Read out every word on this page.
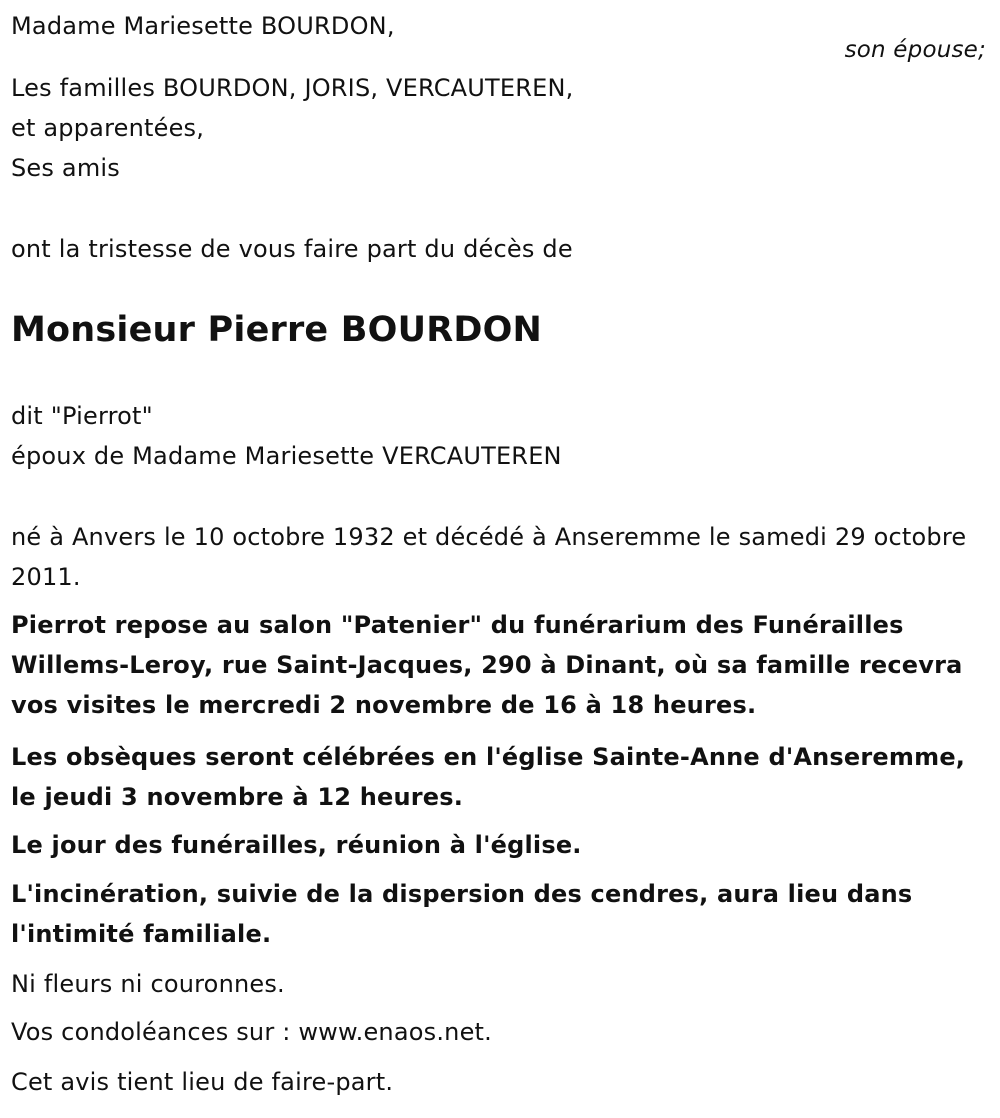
Madame Mariesette BOURDON,
son épouse;
Les familles BOURDON, JORIS, VERCAUTEREN,
et apparentées,
Ses amis
ont la tristesse de vous faire part du décès de
Monsieur Pierre BOURDON
dit "Pierrot"
époux de Madame Mariesette VERCAUTEREN
né à Anvers le 10 octobre 1932 et décédé à Anseremme le samedi 29 octobre 2011.
Pierrot repose au salon "Patenier" du funérarium des Funérailles Willems-Leroy, rue Saint-Jacques, 290 à Dinant, où sa famille recevra vos visites le mercredi 2 novembre de 16 à 18 heures.
Les obsèques seront célébrées en l'église Sainte-Anne d'Anseremme, le jeudi 3 novembre à 12 heures.
Le jour des funérailles, réunion à l'église.
L'incinération, suivie de la dispersion des cendres, aura lieu dans l'intimité familiale.
Ni fleurs ni couronnes.
Vos condoléances sur : www.enaos.net.
Cet avis tient lieu de faire-part.
